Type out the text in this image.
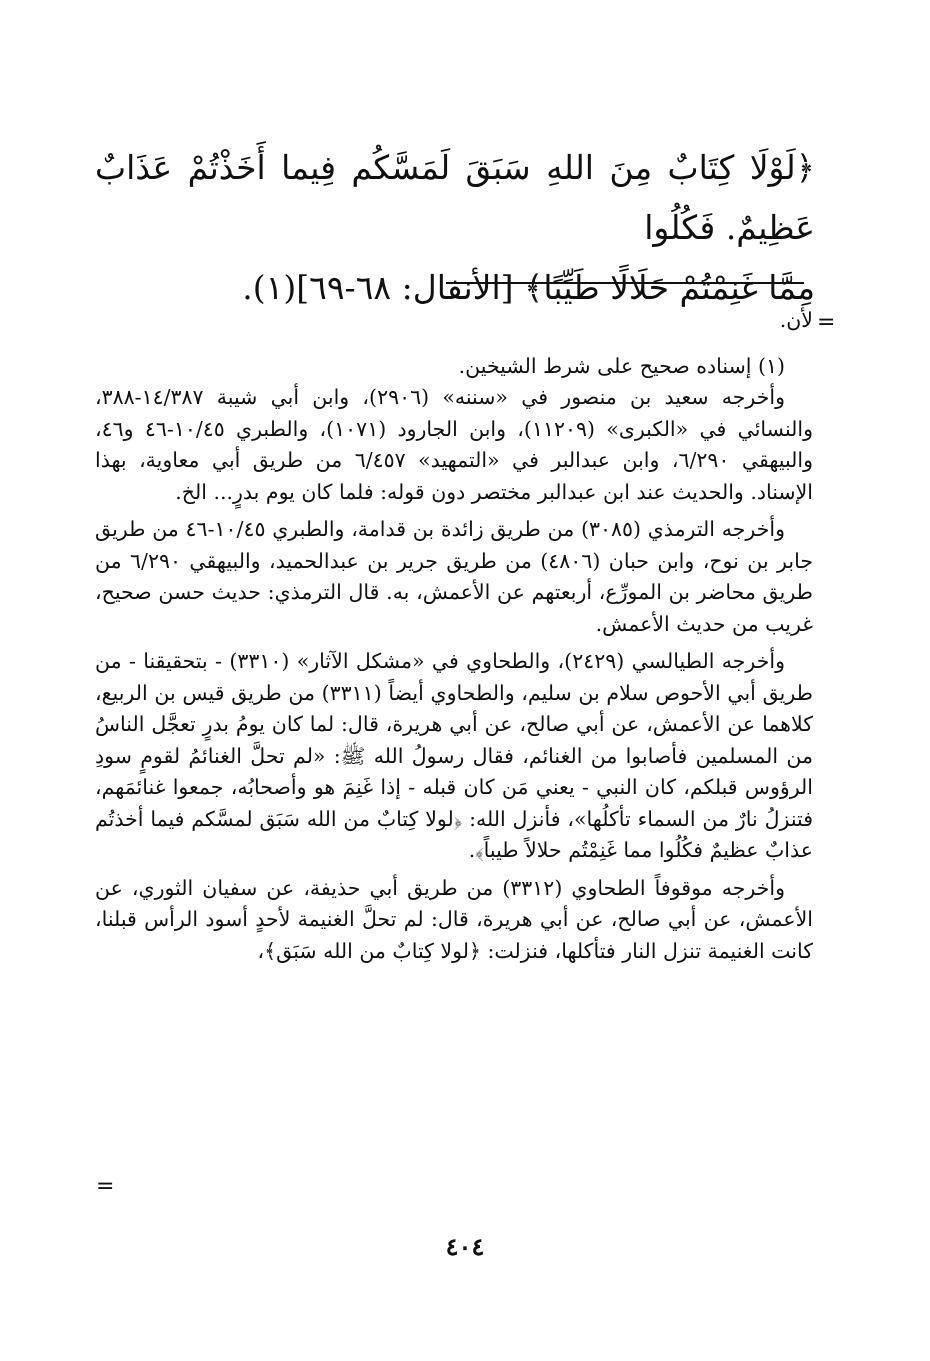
﴿لَوْلَا كِتَابٌ مِنَ اللهِ سَبَقَ لَمَسَّكُم فِيما أَخَذْتُمْ عَذَابٌ عَظِيمٌ. فَكُلُوا

مِمَّا غَنِمْتُمْ حَلَالًا طَيِّبًا﴾ [الأنفال: ٦٨-٦٩](١).

=

لأن.

(١) إسناده صحيح على شرط الشيخين.

وأخرجه سعيد بن منصور في «سننه» (٢٩٠٦)، وابن أبي شيبة ١٤/٣٨٧-٣٨٨، والنسائي في «الكبرى» (١١٢٠٩)، وابن الجارود (١٠٧١)، والطبري ١٠/٤٥-٤٦ و٤٦، والبيهقي ٦/٢٩٠، وابن عبدالبر في «التمهيد» ٦/٤٥٧ من طريق أبي معاوية، بهذا الإسناد. والحديث عند ابن عبدالبر مختصر دون قوله: فلما كان يوم بدرٍ... الخ.

وأخرجه الترمذي (٣٠٨٥) من طريق زائدة بن قدامة، والطبري ١٠/٤٥-٤٦ من طريق جابر بن نوح، وابن حبان (٤٨٠٦) من طريق جرير بن عبدالحميد، والبيهقي ٦/٢٩٠ من طريق محاضر بن المورِّع، أربعتهم عن الأعمش، به. قال الترمذي: حديث حسن صحيح، غريب من حديث الأعمش.

وأخرجه الطيالسي (٢٤٢٩)، والطحاوي في «مشكل الآثار» (٣٣١٠) - بتحقيقنا - من طريق أبي الأحوص سلام بن سليم، والطحاوي أيضاً (٣٣١١) من طريق قيس بن الربيع، كلاهما عن الأعمش، عن أبي صالح، عن أبي هريرة، قال: لما كان يومُ بدرٍ تعجَّل الناسُ من المسلمين فأصابوا من الغنائم، فقال رسولُ الله ﷺ: «لم تحلَّ الغنائمُ لقومٍ سودِ الرؤوس قبلكم، كان النبي - يعني مَن كان قبله - إذا غَنِمَ هو وأصحابُه، جمعوا غنائمَهم، فتنزلُ نارٌ من السماء تأكلُها»، فأنزل الله: ﴿لولا كِتابٌ من الله سَبَق لمسَّكم فيما أخذتُم عذابٌ عظيمٌ فكُلُوا مما غَنِمْتُم حلالاً طيباً﴾.

وأخرجه موقوفاً الطحاوي (٣٣١٢) من طريق أبي حذيفة، عن سفيان الثوري، عن الأعمش، عن أبي صالح، عن أبي هريرة، قال: لم تحلَّ الغنيمة لأحدٍ أسود الرأس قبلنا، كانت الغنيمة تنزل النار فتأكلها، فنزلت: ﴿لولا كِتابٌ من الله سَبَق﴾،

=
٤٠٤
